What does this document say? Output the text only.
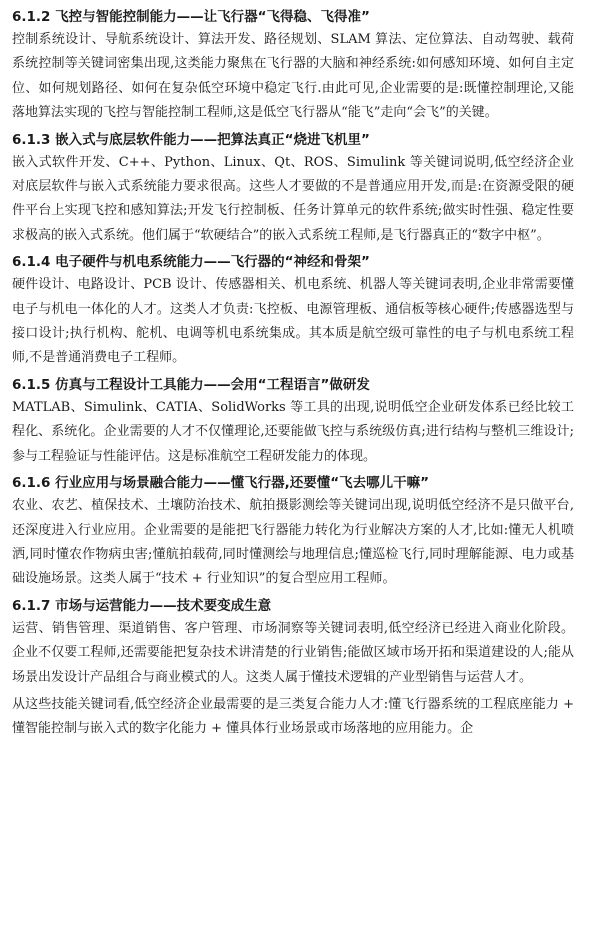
6.1.2 飞控与智能控制能力——让飞行器“飞得稳、飞得准”

控制系统设计、导航系统设计、算法开发、路径规划、SLAM 算法、定位算法、自动驾驶、载荷系统控制等关键词密集出现,这类能力聚焦在飞行器的大脑和神经系统:如何感知环境、如何自主定位、如何规划路径、如何在复杂低空环境中稳定飞行.由此可见,企业需要的是:既懂控制理论,又能落地算法实现的飞控与智能控制工程师,这是低空飞行器从“能飞”走向“会飞”的关键。

6.1.3 嵌入式与底层软件能力——把算法真正“烧进飞机里”

嵌入式软件开发、C++、Python、Linux、Qt、ROS、Simulink 等关键词说明,低空经济企业对底层软件与嵌入式系统能力要求很高。这些人才要做的不是普通应用开发,而是:在资源受限的硬件平台上实现飞控和感知算法;开发飞行控制板、任务计算单元的软件系统;做实时性强、稳定性要求极高的嵌入式系统。他们属于“软硬结合”的嵌入式系统工程师,是飞行器真正的“数字中枢”。

6.1.4 电子硬件与机电系统能力——飞行器的“神经和骨架”

硬件设计、电路设计、PCB 设计、传感器相关、机电系统、机器人等关键词表明,企业非常需要懂电子与机电一体化的人才。这类人才负责:飞控板、电源管理板、通信板等核心硬件;传感器选型与接口设计;执行机构、舵机、电调等机电系统集成。其本质是航空级可靠性的电子与机电系统工程师,不是普通消费电子工程师。

6.1.5 仿真与工程设计工具能力——会用“工程语言”做研发

MATLAB、Simulink、CATIA、SolidWorks 等工具的出现,说明低空企业研发体系已经比较工程化、系统化。企业需要的人才不仅懂理论,还要能做飞控与系统级仿真;进行结构与整机三维设计;参与工程验证与性能评估。这是标准航空工程研发能力的体现。

6.1.6 行业应用与场景融合能力——懂飞行器,还要懂“飞去哪儿干嘛”

农业、农艺、植保技术、土壤防治技术、航拍摄影测绘等关键词出现,说明低空经济不是只做平台,还深度进入行业应用。企业需要的是能把飞行器能力转化为行业解决方案的人才,比如:懂无人机喷洒,同时懂农作物病虫害;懂航拍载荷,同时懂测绘与地理信息;懂巡检飞行,同时理解能源、电力或基础设施场景。这类人属于“技术 + 行业知识”的复合型应用工程师。

6.1.7 市场与运营能力——技术要变成生意

运营、销售管理、渠道销售、客户管理、市场洞察等关键词表明,低空经济已经进入商业化阶段。企业不仅要工程师,还需要能把复杂技术讲清楚的行业销售;能做区域市场开拓和渠道建设的人;能从场景出发设计产品组合与商业模式的人。这类人属于懂技术逻辑的产业型销售与运营人才。

从这些技能关键词看,低空经济企业最需要的是三类复合能力人才:懂飞行器系统的工程底座能力 + 懂智能控制与嵌入式的数字化能力 + 懂具体行业场景或市场落地的应用能力。企
